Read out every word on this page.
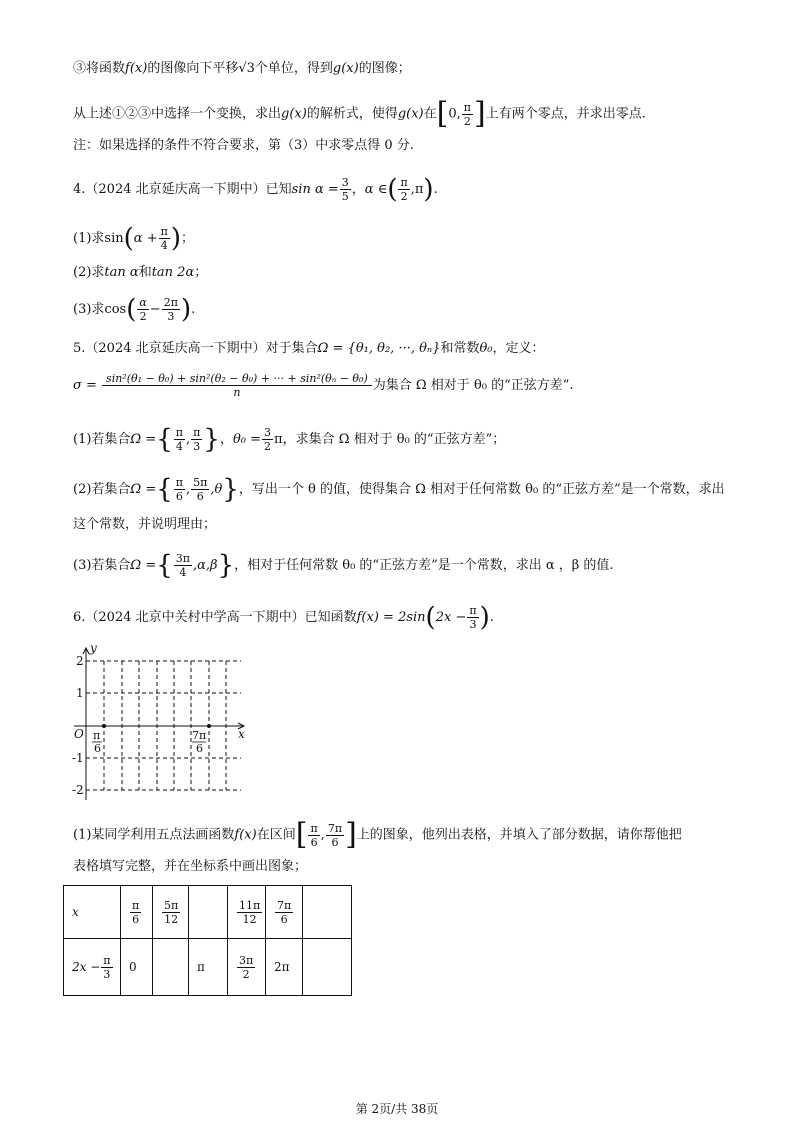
③将函数f(x)的图像向下平移√3个单位，得到g(x)的图像；
从上述①②③中选择一个变换，求出g(x)的解析式，使得g(x)在[0, $\frac{\pi}{2}$ ]上有两个零点，并求出零点.
注：如果选择的条件不符合要求，第（3）中求零点得 0 分.
4.（2024 北京延庆高一下期中）已知$\sin \alpha = \frac{3}{5}$ ，α ∈( $\frac{\pi}{2} ,\pi$).
(1)求$\sin(\alpha + \frac{\pi}{4}$ )；
(2)求tan α和tan 2α；
(3)求$\cos( \frac{\alpha}{2} - \frac{2\pi}{3}$ ).
5.（2024 北京延庆高一下期中）对于集合Ω = {θ₁, θ₂, ···, θₙ}和常数θ₀，定义：
$\sigma = \frac{\text{sin²(θ₁ − θ₀) + sin²(θ₂ − θ₀) + ··· + sin²(θₙ − θ₀)}}{n}$ 为集合 Ω 相对于 θ₀ 的“正弦方差”.
(1)若集合Ω ={ $\frac{\pi}{4}$ , $\frac{\pi}{3}$ }，$\theta_0 = \frac{3}{2}$ π，求集合 Ω 相对于 θ₀ 的“正弦方差”；
(2)若集合Ω ={ $\frac{\pi}{6}$ , $\frac{5\pi}{6} ,\theta$}，写出一个 θ 的值，使得集合 Ω 相对于任何常数 θ₀ 的“正弦方差”是一个常数，求出
这个常数，并说明理由；
(3)若集合Ω ={ $\frac{3\pi}{4} ,\alpha,\beta$}，相对于任何常数 θ₀ 的“正弦方差”是一个常数，求出 α ，β 的值.
6.（2024 北京中关村中学高一下期中）已知函数$f(x) = 2\sin(2x - \frac{\pi}{3}$ ).
y
x
O
2
1
-1
-2
π
6
7π
6
(1)某同学利用五点法画函数f(x)在区间[ $\frac{\pi}{6}$ , $\frac{7\pi}{6}$ ]上的图象，他列出表格，并填入了部分数据，请你帮他把
表格填写完整，并在坐标系中画出图象；
x	$\frac{\pi}{6}$	$\frac{5\pi}{12}$		$\frac{11\pi}{12}$	$\frac{7\pi}{6}$

$2x - \frac{\pi}{3}$	0		π	$\frac{3\pi}{2}$	2π	
第 2页/共 38页
